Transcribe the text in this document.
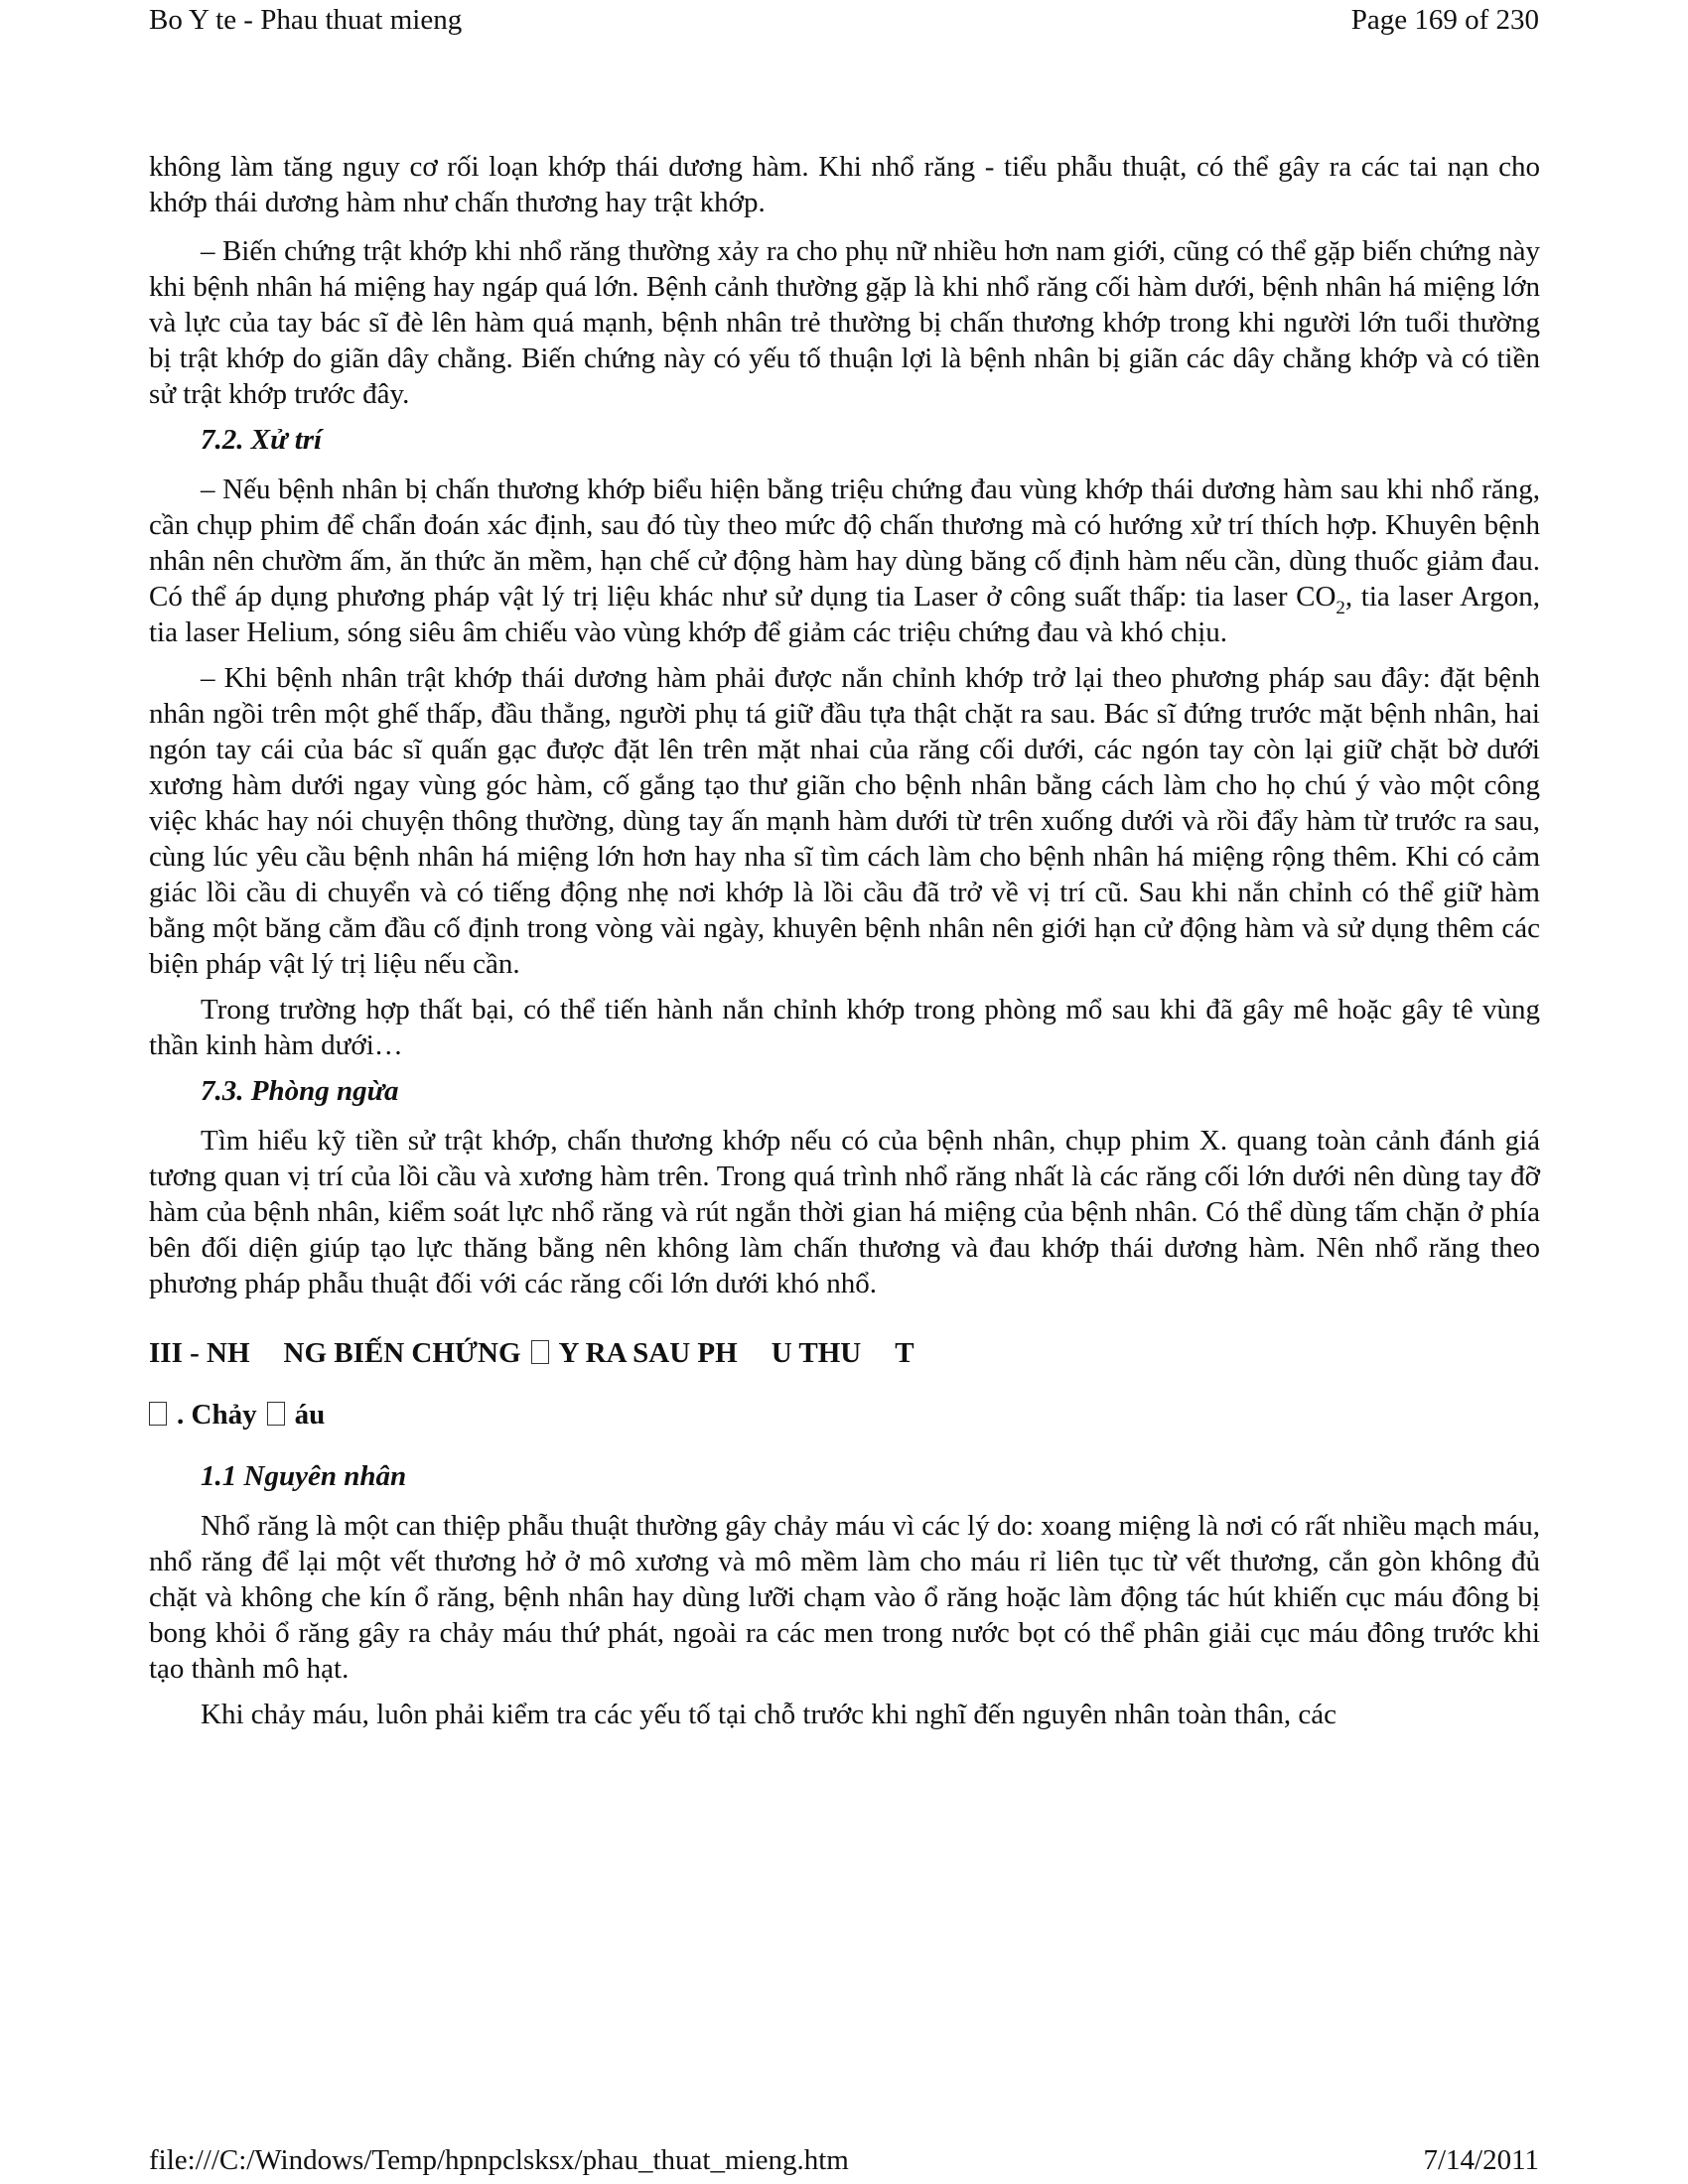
Bo Y te - Phau thuat mieng	Page 169 of 230

không làm tăng nguy cơ rối loạn khớp thái dương hàm. Khi nhổ răng - tiểu phẫu thuật, có thể gây ra các tai nạn cho khớp thái dương hàm như chấn thương hay trật khớp.

– Biến chứng trật khớp khi nhổ răng thường xảy ra cho phụ nữ nhiều hơn nam giới, cũng có thể gặp biến chứng này khi bệnh nhân há miệng hay ngáp quá lớn. Bệnh cảnh thường gặp là khi nhổ răng cối hàm dưới, bệnh nhân há miệng lớn và lực của tay bác sĩ đè lên hàm quá mạnh, bệnh nhân trẻ thường bị chấn thương khớp trong khi người lớn tuổi thường bị trật khớp do giãn dây chằng. Biến chứng này có yếu tố thuận lợi là bệnh nhân bị giãn các dây chằng khớp và có tiền sử trật khớp trước đây.

7.2. Xử trí

– Nếu bệnh nhân bị chấn thương khớp biểu hiện bằng triệu chứng đau vùng khớp thái dương hàm sau khi nhổ răng, cần chụp phim để chẩn đoán xác định, sau đó tùy theo mức độ chấn thương mà có hướng xử trí thích hợp. Khuyên bệnh nhân nên chườm ấm, ăn thức ăn mềm, hạn chế cử động hàm hay dùng băng cố định hàm nếu cần, dùng thuốc giảm đau. Có thể áp dụng phương pháp vật lý trị liệu khác như sử dụng tia Laser ở công suất thấp: tia laser $CO_2$, tia laser Argon, tia laser Helium, sóng siêu âm chiếu vào vùng khớp để giảm các triệu chứng đau và khó chịu.

– Khi bệnh nhân trật khớp thái dương hàm phải được nắn chỉnh khớp trở lại theo phương pháp sau đây: đặt bệnh nhân ngồi trên một ghế thấp, đầu thẳng, người phụ tá giữ đầu tựa thật chặt ra sau. Bác sĩ đứng trước mặt bệnh nhân, hai ngón tay cái của bác sĩ quấn gạc được đặt lên trên mặt nhai của răng cối dưới, các ngón tay còn lại giữ chặt bờ dưới xương hàm dưới ngay vùng góc hàm, cố gắng tạo thư giãn cho bệnh nhân bằng cách làm cho họ chú ý vào một công việc khác hay nói chuyện thông thường, dùng tay ấn mạnh hàm dưới từ trên xuống dưới và rồi đẩy hàm từ trước ra sau, cùng lúc yêu cầu bệnh nhân há miệng lớn hơn hay nha sĩ tìm cách làm cho bệnh nhân há miệng rộng thêm. Khi có cảm giác lồi cầu di chuyển và có tiếng động nhẹ nơi khớp là lồi cầu đã trở về vị trí cũ. Sau khi nắn chỉnh có thể giữ hàm bằng một băng cằm đầu cố định trong vòng vài ngày, khuyên bệnh nhân nên giới hạn cử động hàm và sử dụng thêm các biện pháp vật lý trị liệu nếu cần.

Trong trường hợp thất bại, có thể tiến hành nắn chỉnh khớp trong phòng mổ sau khi đã gây mê hoặc gây tê vùng thần kinh hàm dưới…

7.3. Phòng ngừa

Tìm hiểu kỹ tiền sử trật khớp, chấn thương khớp nếu có của bệnh nhân, chụp phim X. quang toàn cảnh đánh giá tương quan vị trí của lồi cầu và xương hàm trên. Trong quá trình nhổ răng nhất là các răng cối lớn dưới nên dùng tay đỡ hàm của bệnh nhân, kiểm soát lực nhổ răng và rút ngắn thời gian há miệng của bệnh nhân. Có thể dùng tấm chặn ở phía bên đối diện giúp tạo lực thăng bằng nên không làm chấn thương và đau khớp thái dương hàm. Nên nhổ răng theo phương pháp phẫu thuật đối với các răng cối lớn dưới khó nhổ.

III - NH NG BIẾN CHỨNG Y RA SAU PH U THU T
. Chảy áu
1.1 Nguyên nhân

Nhổ răng là một can thiệp phẫu thuật thường gây chảy máu vì các lý do: xoang miệng là nơi có rất nhiều mạch máu, nhổ răng để lại một vết thương hở ở mô xương và mô mềm làm cho máu rỉ liên tục từ vết thương, cắn gòn không đủ chặt và không che kín ổ răng, bệnh nhân hay dùng lưỡi chạm vào ổ răng hoặc làm động tác hút khiến cục máu đông bị bong khỏi ổ răng gây ra chảy máu thứ phát, ngoài ra các men trong nước bọt có thể phân giải cục máu đông trước khi tạo thành mô hạt.

Khi chảy máu, luôn phải kiểm tra các yếu tố tại chỗ trước khi nghĩ đến nguyên nhân toàn thân, các

file:///C:/Windows/Temp/hpnpclsksx/phau_thuat_mieng.htm	7/14/2011
